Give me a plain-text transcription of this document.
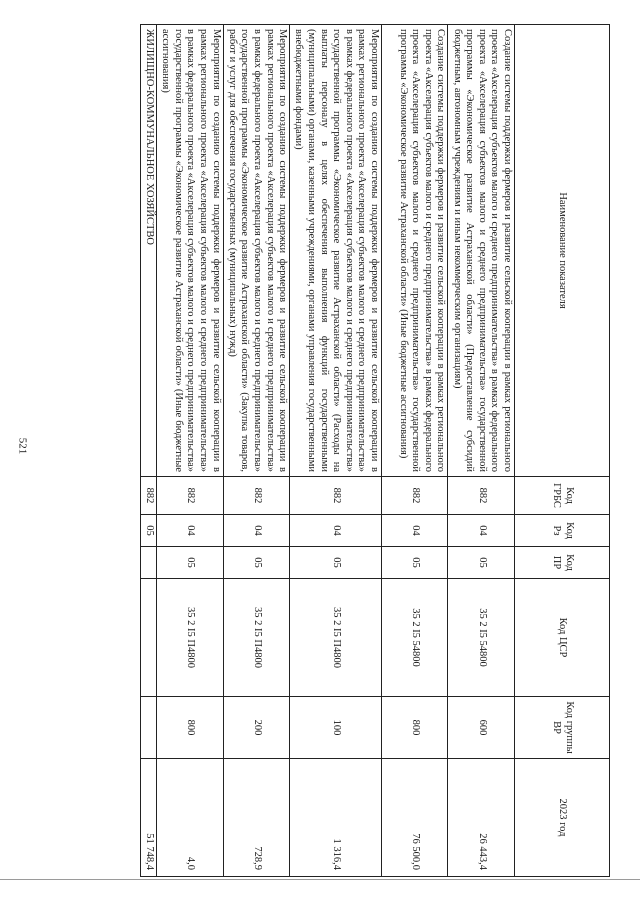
521
Наименование показателя	Код ГРБС	Код Рз	Код ПР	Код ЦСР	Код группы ВР	2023 год
Создание системы поддержки фермеров и развитие сельской кооперации в рамках регионального проекта «Акселерация субъектов малого и среднего предпринимательства» в рамках федерального проекта «Акселерация субъектов малого и среднего предпринимательства» государственной программы «Экономическое развитие Астраханской области» (Предоставление субсидий бюджетным, автономным учреждениям и иным некоммерческим организациям)	882	04	05	35 2 I5 54800	600	26 443,4
Создание системы поддержки фермеров и развитие сельской кооперации в рамках регионального проекта «Акселерация субъектов малого и среднего предпринимательства» в рамках федерального проекта «Акселерация субъектов малого и среднего предпринимательства» государственной программы «Экономическое развитие Астраханской области» (Иные бюджетные ассигнования)	882	04	05	35 2 I5 54800	800	76 500,0
Мероприятия по созданию системы поддержки фермеров и развитие сельской кооперации в рамках регионального проекта «Акселерация субъектов малого и среднего предпринимательства» в рамках федерального проекта «Акселерация субъектов малого и среднего предпринимательства» государственной программы «Экономическое развитие Астраханской области» (Расходы на выплаты персоналу в целях обеспечения выполнения функций государственными (муниципальными) органами, казенными учреждениями, органами управления государственными внебюджетными фондами)	882	04	05	35 2 I5 П4800	100	1 316,4
Мероприятия по созданию системы поддержки фермеров и развитие сельской кооперации в рамках регионального проекта «Акселерация субъектов малого и среднего предпринимательства» в рамках федерального проекта «Акселерация субъектов малого и среднего предпринимательства» государственной программы «Экономическое развитие Астраханской области» (Закупка товаров, работ и услуг для обеспечения государственных (муниципальных) нужд)	882	04	05	35 2 I5 П4800	200	728,9
Мероприятия по созданию системы поддержки фермеров и развитие сельской кооперации в рамках регионального проекта «Акселерация субъектов малого и среднего предпринимательства» в рамках федерального проекта «Акселерация субъектов малого и среднего предпринимательства» государственной программы «Экономическое развитие Астраханской области» (Иные бюджетные ассигнования)	882	04	05	35 2 I5 П4800	800	4,0
ЖИЛИЩНО-КОММУНАЛЬНОЕ ХОЗЯЙСТВО	882	05				51 748,4
